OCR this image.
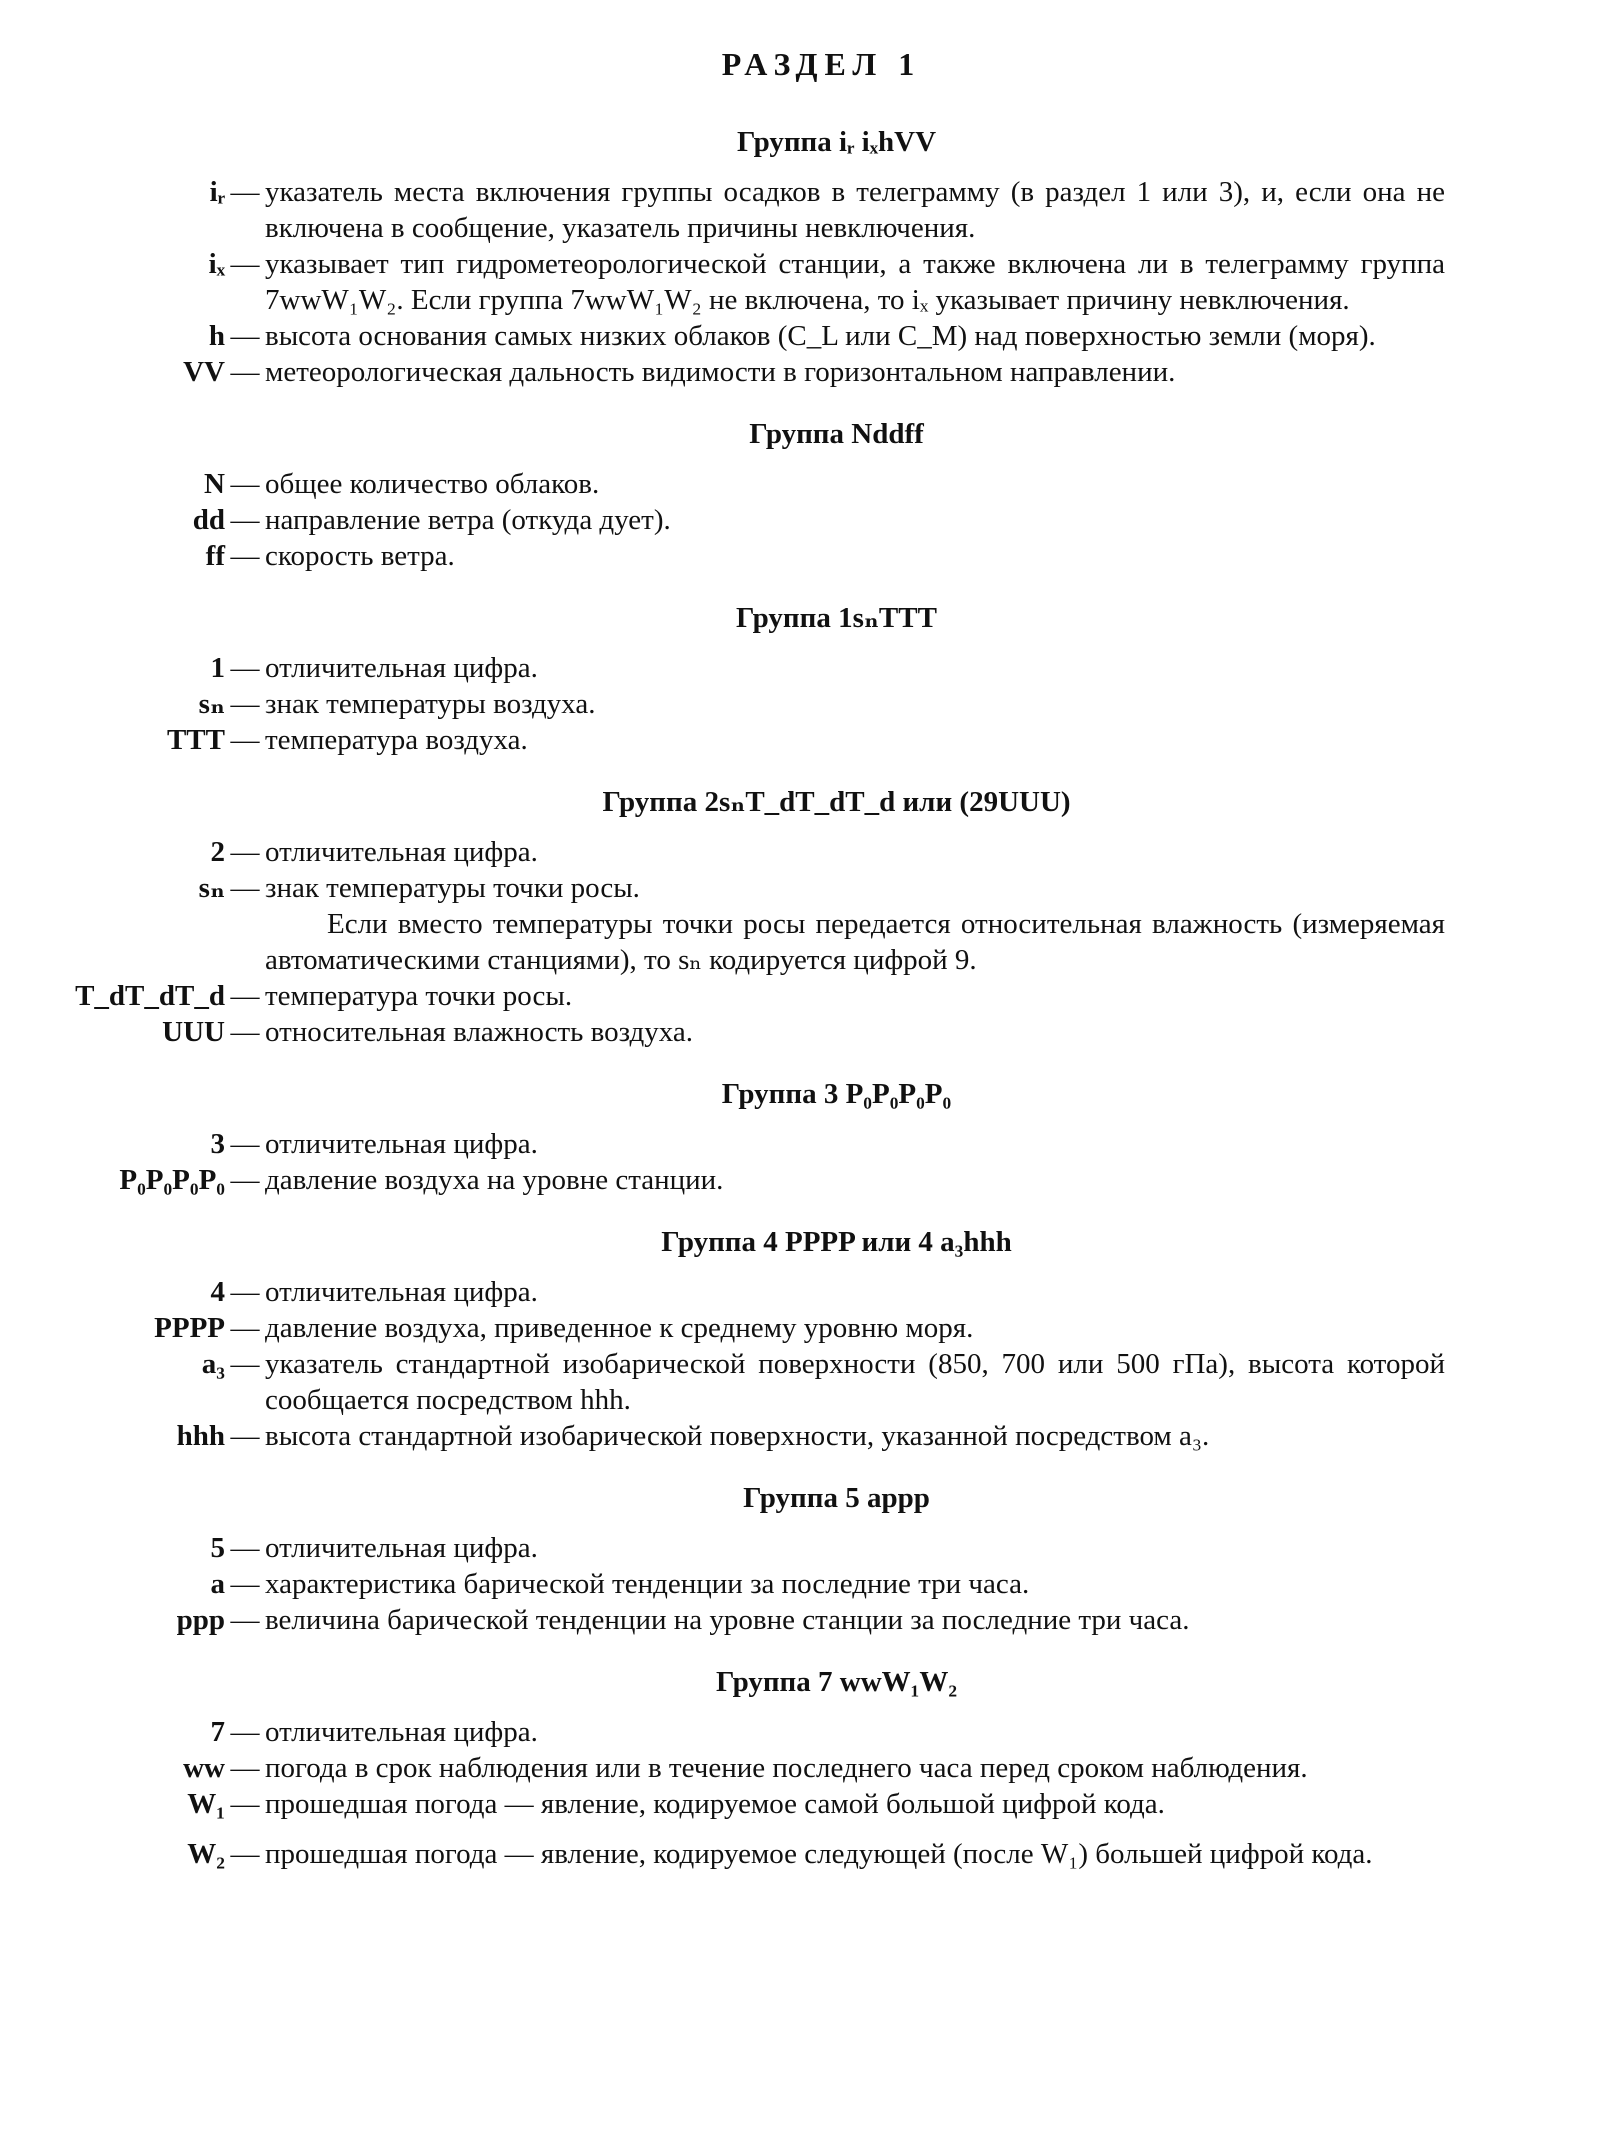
РАЗДЕЛ 1
Группа iᵣ iₓhVV
iᵣ — указатель места включения группы осадков в телеграмму (в раздел 1 или 3), и, если она не включена в сообщение, указатель причины невключения.
iₓ — указывает тип гидрометеорологической станции, а также включена ли в телеграмму группа 7wwW₁W₂. Если группа 7wwW₁W₂ не включена, то iₓ указывает причину невключения.
h — высота основания самых низких облаков (C_L или C_M) над поверхностью земли (моря).
VV — метеорологическая дальность видимости в горизонтальном направлении.
Группа Nddff
N — общее количество облаков.
dd — направление ветра (откуда дует).
ff — скорость ветра.
Группа 1sₙTTT
1 — отличительная цифра.
sₙ — знак температуры воздуха.
TTT — температура воздуха.
Группа 2sₙT_dT_dT_d или (29UUU)
2 — отличительная цифра.
sₙ — знак температуры точки росы.
Если вместо температуры точки росы передается относительная влажность (измеряемая автоматическими станциями), то sₙ кодируется цифрой 9.
T_dT_dT_d — температура точки росы.
UUU — относительная влажность воздуха.
Группа 3 P₀P₀P₀P₀
3 — отличительная цифра.
P₀P₀P₀P₀ — давление воздуха на уровне станции.
Группа 4 PPPP или 4 a₃hhh
4 — отличительная цифра.
PPPP — давление воздуха, приведенное к среднему уровню моря.
a₃ — указатель стандартной изобарической поверхности (850, 700 или 500 гПа), высота которой сообщается посредством hhh.
hhh — высота стандартной изобарической поверхности, указанной посредством a₃.
Группа 5 appp
5 — отличительная цифра.
a — характеристика барической тенденции за последние три часа.
ppp — величина барической тенденции на уровне станции за последние три часа.
Группа 7 wwW₁W₂
7 — отличительная цифра.
ww — погода в срок наблюдения или в течение последнего часа перед сроком наблюдения.
W₁ — прошедшая погода — явление, кодируемое самой большой цифрой кода.
W₂ — прошедшая погода — явление, кодируемое следующей (после W₁) большей цифрой кода.
